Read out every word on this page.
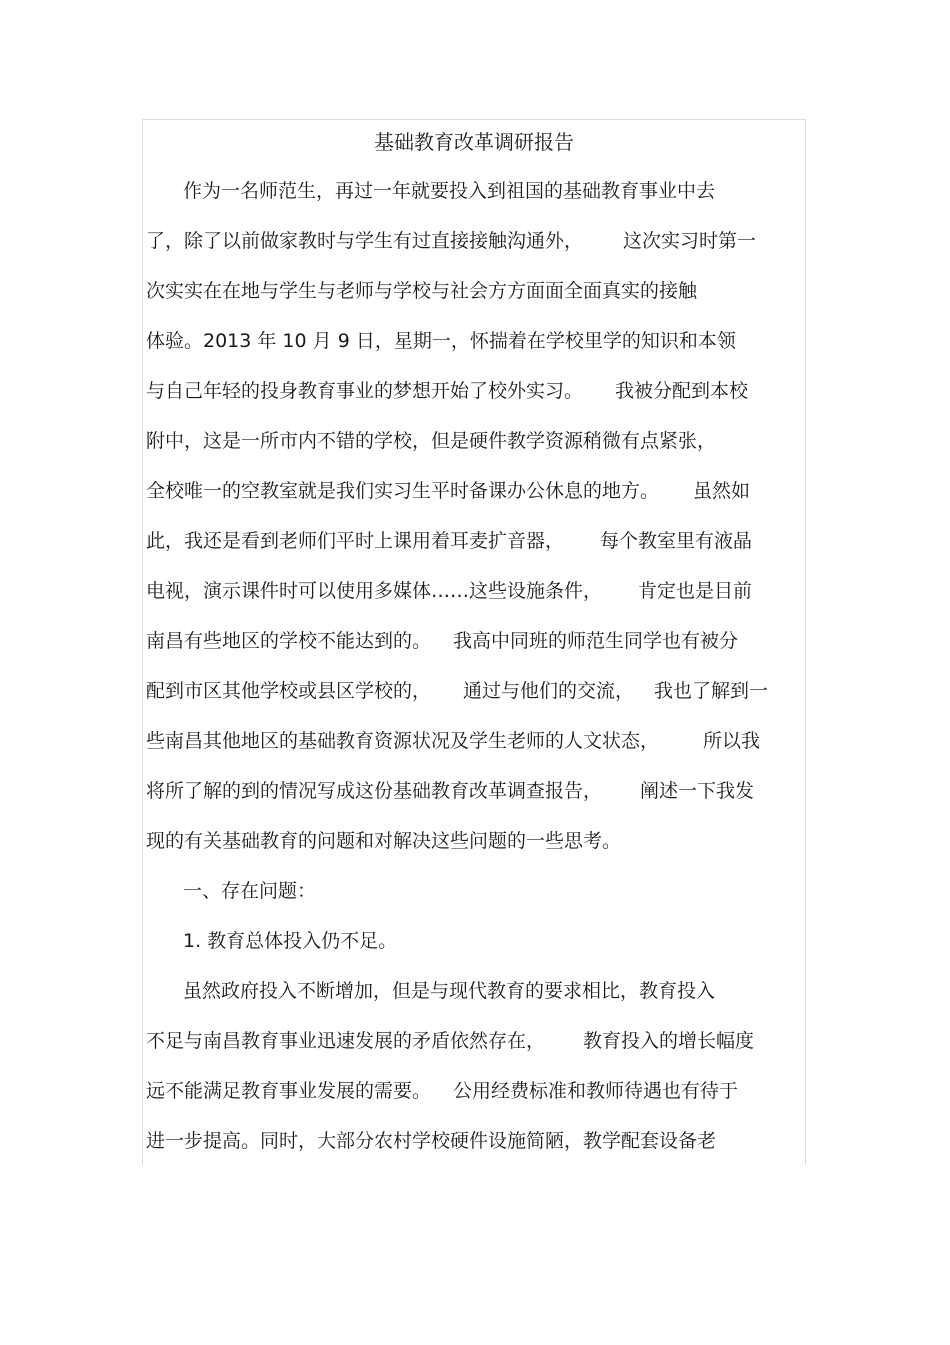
基础教育改革调研报告
作为一名师范生，再过一年就要投入到祖国的基础教育事业中去
了，除了以前做家教时与学生有过直接接触沟通外， 这次实习时第一
次实实在在地与学生与老师与学校与社会方方面面全面真实的接触
体验。2013 年 10 月 9 日，星期一，怀揣着在学校里学的知识和本领
与自己年轻的投身教育事业的梦想开始了校外实习。 我被分配到本校
附中，这是一所市内不错的学校，但是硬件教学资源稍微有点紧张，
全校唯一的空教室就是我们实习生平时备课办公休息的地方。 虽然如
此，我还是看到老师们平时上课用着耳麦扩音器， 每个教室里有液晶
电视，演示课件时可以使用多媒体……这些设施条件， 肯定也是目前
南昌有些地区的学校不能达到的。 我高中同班的师范生同学也有被分
配到市区其他学校或县区学校的， 通过与他们的交流， 我也了解到一
些南昌其他地区的基础教育资源状况及学生老师的人文状态， 所以我
将所了解的到的情况写成这份基础教育改革调查报告， 阐述一下我发
现的有关基础教育的问题和对解决这些问题的一些思考。
一、存在问题：
1. 教育总体投入仍不足。
虽然政府投入不断增加，但是与现代教育的要求相比，教育投入
不足与南昌教育事业迅速发展的矛盾依然存在， 教育投入的增长幅度
远不能满足教育事业发展的需要。 公用经费标准和教师待遇也有待于
进一步提高。同时，大部分农村学校硬件设施简陋，教学配套设备老
